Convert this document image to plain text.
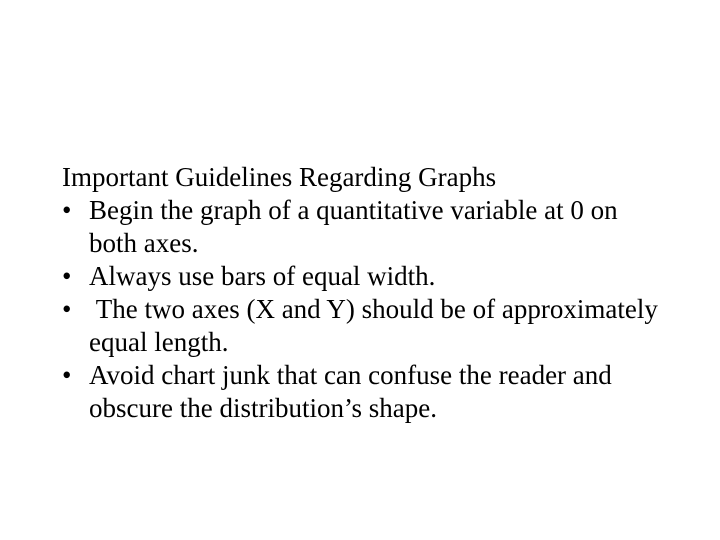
Important Guidelines Regarding Graphs
• Begin the graph of a quantitative variable at 0 on both axes.
• Always use bars of equal width.
• The two axes (X and Y) should be of approximately equal length.
• Avoid chart junk that can confuse the reader and obscure the distribution’s shape.
